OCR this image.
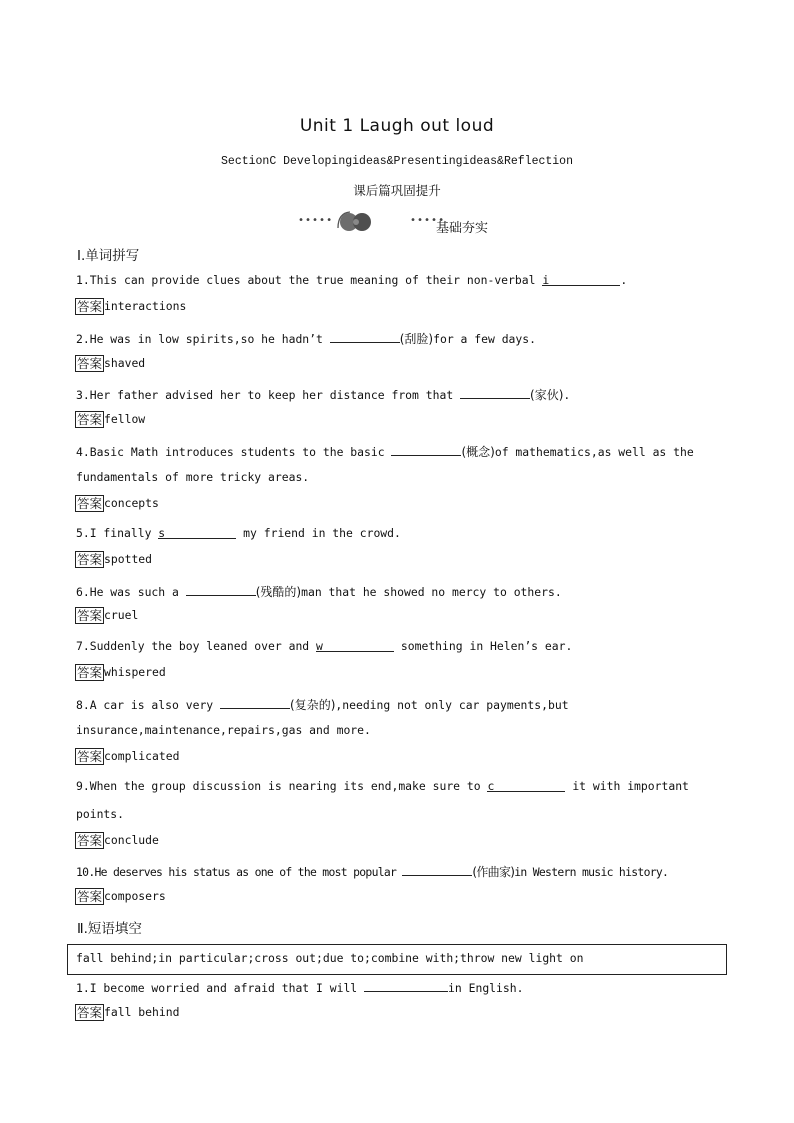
Unit 1 Laugh out loud
SectionC Developingideas&Presentingideas&Reflection
课后篇巩固提升
•••••	•••••
基础夯实
Ⅰ.单词拼写
1.This can provide clues about the true meaning of their non-verbal i	.
答案 interactions
2.He was in low spirits,so he hadn’t	(刮脸)for a few days.
答案 shaved
3.Her father advised her to keep her distance from that	(家伙).
答案 fellow
4.Basic Math introduces students to the basic	(概念)of mathematics,as well as the
fundamentals of more tricky areas.
答案 concepts
5.I finally s	my friend in the crowd.
答案 spotted
6.He was such a	(残酷的)man that he showed no mercy to others.
答案 cruel
7.Suddenly the boy leaned over and w	something in Helen’s ear.
答案 whispered
8.A car is also very	(复杂的),needing not only car payments,but
insurance,maintenance,repairs,gas and more.
答案 complicated
9.When the group discussion is nearing its end,make sure to c	it with important
points.
答案 conclude
10.He deserves his status as one of the most popular	(作曲家)in Western music history.
答案 composers
Ⅱ.短语填空
fall behind;in particular;cross out;due to;combine with;throw new light on
1.I become worried and afraid that I will	in English.
答案 fall behind
